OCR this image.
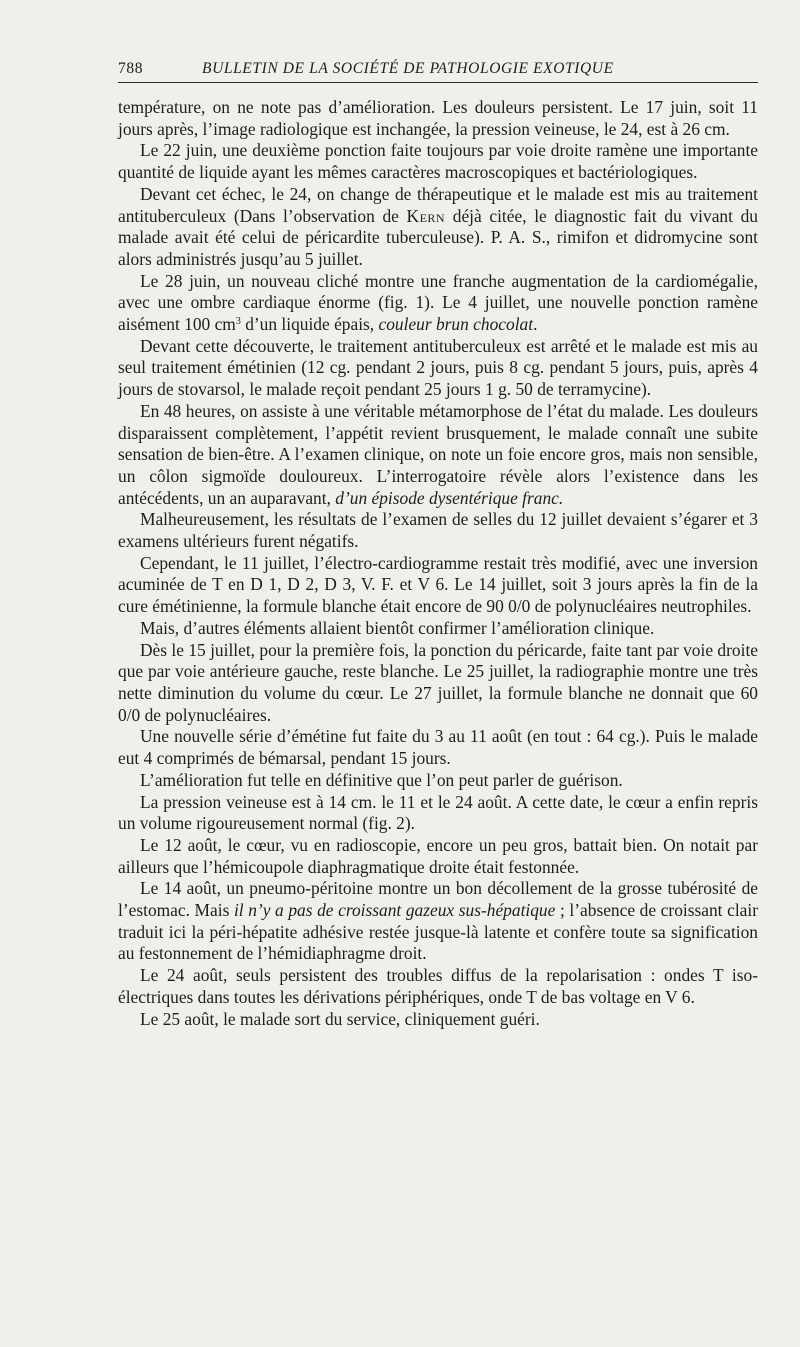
788	BULLETIN DE LA SOCIÉTÉ DE PATHOLOGIE EXOTIQUE

température, on ne note pas d’amélioration. Les douleurs persistent. Le 17 juin, soit 11 jours après, l’image radiologique est inchangée, la pression veineuse, le 24, est à 26 cm.

Le 22 juin, une deuxième ponction faite toujours par voie droite ramène une importante quantité de liquide ayant les mêmes caractères macroscopiques et bactériologiques.

Devant cet échec, le 24, on change de thérapeutique et le malade est mis au traitement antituberculeux (Dans l’observation de Kern déjà citée, le diagnostic fait du vivant du malade avait été celui de péricardite tuberculeuse). P. A. S., rimifon et didromycine sont alors administrés jusqu’au 5 juillet.

Le 28 juin, un nouveau cliché montre une franche augmentation de la cardiomégalie, avec une ombre cardiaque énorme (fig. 1). Le 4 juillet, une nouvelle ponction ramène aisément 100 $cm^3$ d’un liquide épais, couleur brun chocolat.

Devant cette découverte, le traitement antituberculeux est arrêté et le malade est mis au seul traitement émétinien (12 cg. pendant 2 jours, puis 8 cg. pendant 5 jours, puis, après 4 jours de stovarsol, le malade reçoit pendant 25 jours 1 g. 50 de terramycine).

En 48 heures, on assiste à une véritable métamorphose de l’état du malade. Les douleurs disparaissent complètement, l’appétit revient brusquement, le malade connaît une subite sensation de bien-être. A l’examen clinique, on note un foie encore gros, mais non sensible, un côlon sigmoïde douloureux. L’interrogatoire révèle alors l’existence dans les antécédents, un an auparavant, d’un épisode dysentérique franc.

Malheureusement, les résultats de l’examen de selles du 12 juillet devaient s’égarer et 3 examens ultérieurs furent négatifs.

Cependant, le 11 juillet, l’électro-cardiogramme restait très modifié, avec une inversion acuminée de T en D 1, D 2, D 3, V. F. et V 6. Le 14 juillet, soit 3 jours après la fin de la cure émétinienne, la formule blanche était encore de 90 0/0 de polynucléaires neutrophiles.

Mais, d’autres éléments allaient bientôt confirmer l’amélioration clinique.

Dès le 15 juillet, pour la première fois, la ponction du péricarde, faite tant par voie droite que par voie antérieure gauche, reste blanche. Le 25 juillet, la radiographie montre une très nette diminution du volume du cœur. Le 27 juillet, la formule blanche ne donnait que 60 0/0 de polynucléaires.

Une nouvelle série d’émétine fut faite du 3 au 11 août (en tout : 64 cg.). Puis le malade eut 4 comprimés de bémarsal, pendant 15 jours.

L’amélioration fut telle en définitive que l’on peut parler de guérison.

La pression veineuse est à 14 cm. le 11 et le 24 août. A cette date, le cœur a enfin repris un volume rigoureusement normal (fig. 2).

Le 12 août, le cœur, vu en radioscopie, encore un peu gros, battait bien. On notait par ailleurs que l’hémicoupole diaphragmatique droite était festonnée.

Le 14 août, un pneumo-péritoine montre un bon décollement de la grosse tubérosité de l’estomac. Mais il n’y a pas de croissant gazeux sus-hépatique ; l’absence de croissant clair traduit ici la péri-hépatite adhésive restée jusque-là latente et confère toute sa signification au festonnement de l’hémidiaphragme droit.

Le 24 août, seuls persistent des troubles diffus de la repolarisation : ondes T iso-électriques dans toutes les dérivations périphériques, onde T de bas voltage en V 6.

Le 25 août, le malade sort du service, cliniquement guéri.
